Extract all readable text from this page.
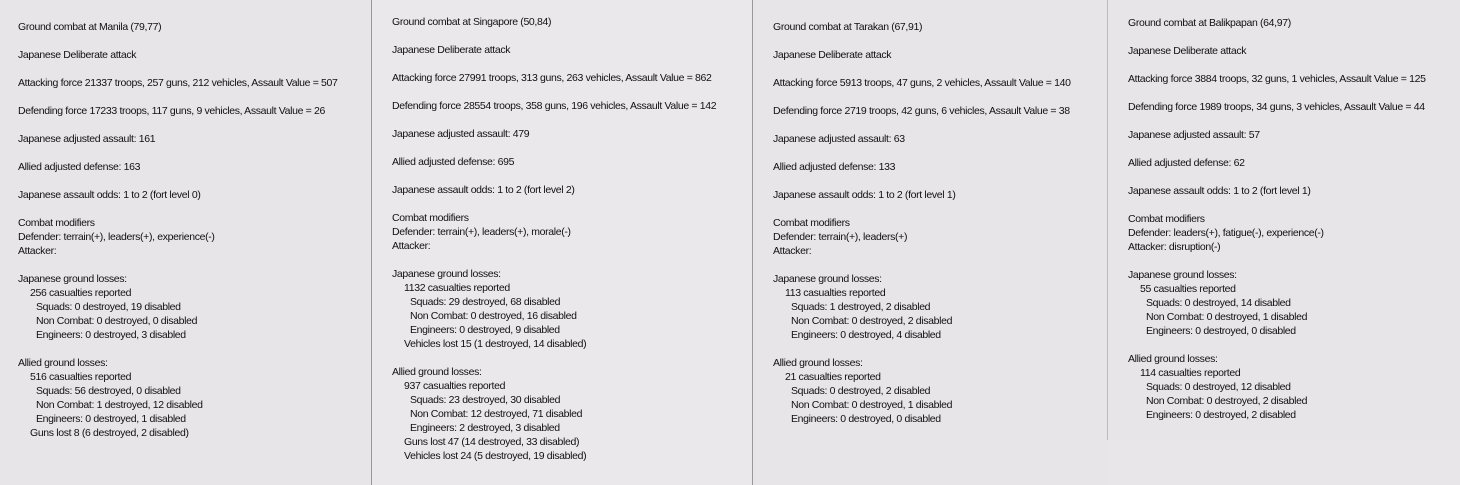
Ground combat at Manila (79,77)
Japanese Deliberate attack
Attacking force 21337 troops, 257 guns, 212 vehicles, Assault Value = 507
Defending force 17233 troops, 117 guns, 9 vehicles, Assault Value = 26
Japanese adjusted assault: 161
Allied adjusted defense: 163
Japanese assault odds: 1 to 2 (fort level 0)
Combat modifiers
Defender: terrain(+), leaders(+), experience(-)
Attacker:
Japanese ground losses:
256 casualties reported
Squads: 0 destroyed, 19 disabled
Non Combat: 0 destroyed, 0 disabled
Engineers: 0 destroyed, 3 disabled
Allied ground losses:
516 casualties reported
Squads: 56 destroyed, 0 disabled
Non Combat: 1 destroyed, 12 disabled
Engineers: 0 destroyed, 1 disabled
Guns lost 8 (6 destroyed, 2 disabled)
Ground combat at Singapore (50,84)
Japanese Deliberate attack
Attacking force 27991 troops, 313 guns, 263 vehicles, Assault Value = 862
Defending force 28554 troops, 358 guns, 196 vehicles, Assault Value = 142
Japanese adjusted assault: 479
Allied adjusted defense: 695
Japanese assault odds: 1 to 2 (fort level 2)
Combat modifiers
Defender: terrain(+), leaders(+), morale(-)
Attacker:
Japanese ground losses:
1132 casualties reported
Squads: 29 destroyed, 68 disabled
Non Combat: 0 destroyed, 16 disabled
Engineers: 0 destroyed, 9 disabled
Vehicles lost 15 (1 destroyed, 14 disabled)
Allied ground losses:
937 casualties reported
Squads: 23 destroyed, 30 disabled
Non Combat: 12 destroyed, 71 disabled
Engineers: 2 destroyed, 3 disabled
Guns lost 47 (14 destroyed, 33 disabled)
Vehicles lost 24 (5 destroyed, 19 disabled)
Ground combat at Tarakan (67,91)
Japanese Deliberate attack
Attacking force 5913 troops, 47 guns, 2 vehicles, Assault Value = 140
Defending force 2719 troops, 42 guns, 6 vehicles, Assault Value = 38
Japanese adjusted assault: 63
Allied adjusted defense: 133
Japanese assault odds: 1 to 2 (fort level 1)
Combat modifiers
Defender: terrain(+), leaders(+)
Attacker:
Japanese ground losses:
113 casualties reported
Squads: 1 destroyed, 2 disabled
Non Combat: 0 destroyed, 2 disabled
Engineers: 0 destroyed, 4 disabled
Allied ground losses:
21 casualties reported
Squads: 0 destroyed, 2 disabled
Non Combat: 0 destroyed, 1 disabled
Engineers: 0 destroyed, 0 disabled
Ground combat at Balikpapan (64,97)
Japanese Deliberate attack
Attacking force 3884 troops, 32 guns, 1 vehicles, Assault Value = 125
Defending force 1989 troops, 34 guns, 3 vehicles, Assault Value = 44
Japanese adjusted assault: 57
Allied adjusted defense: 62
Japanese assault odds: 1 to 2 (fort level 1)
Combat modifiers
Defender: leaders(+), fatigue(-), experience(-)
Attacker: disruption(-)
Japanese ground losses:
55 casualties reported
Squads: 0 destroyed, 14 disabled
Non Combat: 0 destroyed, 1 disabled
Engineers: 0 destroyed, 0 disabled
Allied ground losses:
114 casualties reported
Squads: 0 destroyed, 12 disabled
Non Combat: 0 destroyed, 2 disabled
Engineers: 0 destroyed, 2 disabled
